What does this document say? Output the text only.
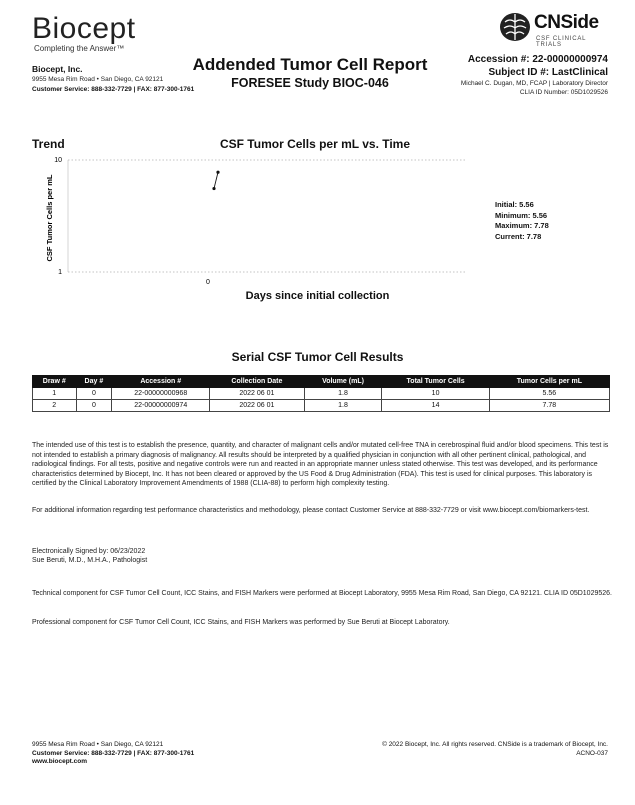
Biocept
Completing the Answer™
Biocept, Inc.
9955 Mesa Rim Road • San Diego, CA 92121
Customer Service: 888-332-7729 | FAX: 877-300-1761
Addended Tumor Cell Report
FORESEE Study BIOC-046
CNSide
CSF CLINICAL TRIALS
Accession #: 22-00000000974
Subject ID #: LastClinical
Michael C. Dugan, MD, FCAP | Laboratory Director
CLIA ID Number: 05D1029526
Trend	CSF Tumor Cells per mL vs. Time
10
1
0
CSF Tumor Cells per mL
Days since initial collection
Initial: 5.56
Minimum: 5.56
Maximum: 7.78
Current: 7.78
Serial CSF Tumor Cell Results
Draw #	Day #	Accession #	Collection Date	Volume (mL)	Total Tumor Cells	Tumor Cells per mL
1	0	22-00000000968	2022 06 01	1.8	10	5.56
2	0	22-00000000974	2022 06 01	1.8	14	7.78
The intended use of this test is to establish the presence, quantity, and character of malignant cells and/or mutated cell-free TNA in cerebrospinal fluid and/or blood specimens. This test is not intended to establish a primary diagnosis of malignancy. All results should be interpreted by a qualified physician in conjunction with all other pertinent clinical, pathological, and radiological findings. For all tests, positive and negative controls were run and reacted in an appropriate manner unless stated otherwise. This test was developed, and its performance characteristics determined by Biocept, Inc. It has not been cleared or approved by the US Food & Drug Administration (FDA). This test is used for clinical purposes. This laboratory is certified by the Clinical Laboratory Improvement Amendments of 1988 (CLIA-88) to perform high complexity testing.
For additional information regarding test performance characteristics and methodology, please contact Customer Service at 888-332-7729 or visit www.biocept.com/biomarkers-test.
Electronically Signed by: 06/23/2022
Sue Beruti, M.D., M.H.A., Pathologist
Technical component for CSF Tumor Cell Count, ICC Stains, and FISH Markers were performed at Biocept Laboratory, 9955 Mesa Rim Road, San Diego, CA 92121. CLIA ID 05D1029526.
Professional component for CSF Tumor Cell Count, ICC Stains, and FISH Markers was performed by Sue Beruti at Biocept Laboratory.
9955 Mesa Rim Road • San Diego, CA 92121
Customer Service: 888-332-7729 | FAX: 877-300-1761
www.biocept.com
© 2022 Biocept, Inc. All rights reserved. CNSide is a trademark of Biocept, Inc.
ACNO-037
